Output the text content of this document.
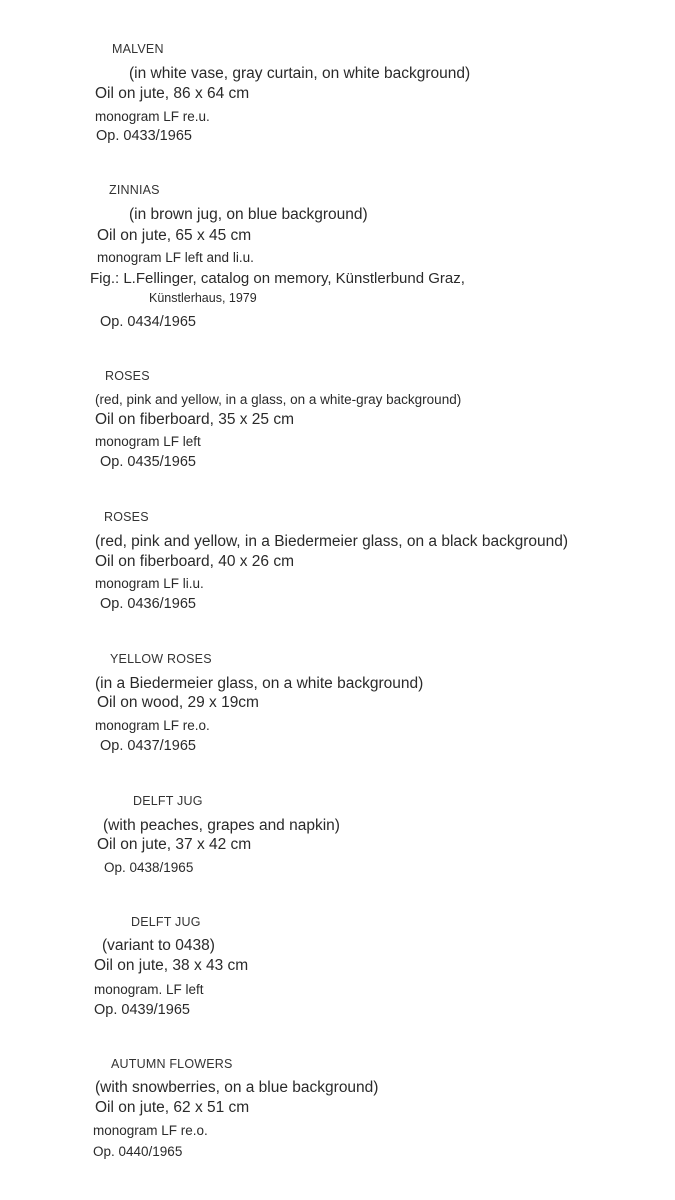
MALVEN
(in white vase, gray curtain, on white background)
Oil on jute, 86 x 64 cm
monogram LF re.u.
Op. 0433/1965
ZINNIAS
(in brown jug, on blue background)
Oil on jute, 65 x 45 cm
monogram LF left and li.u.
Fig.: L.Fellinger, catalog on memory, Künstlerbund Graz,
Künstlerhaus, 1979
Op. 0434/1965
ROSES
(red, pink and yellow, in a glass, on a white-gray background)
Oil on fiberboard, 35 x 25 cm
monogram LF left
Op. 0435/1965
ROSES
(red, pink and yellow, in a Biedermeier glass, on a black background)
Oil on fiberboard, 40 x 26 cm
monogram LF li.u.
Op. 0436/1965
YELLOW ROSES
(in a Biedermeier glass, on a white background)
Oil on wood, 29 x 19cm
monogram LF re.o.
Op. 0437/1965
DELFT JUG
(with peaches, grapes and napkin)
Oil on jute, 37 x 42 cm
Op. 0438/1965
DELFT JUG
(variant to 0438)
Oil on jute, 38 x 43 cm
monogram. LF left
Op. 0439/1965
AUTUMN FLOWERS
(with snowberries, on a blue background)
Oil on jute, 62 x 51 cm
monogram LF re.o.
Op. 0440/1965
